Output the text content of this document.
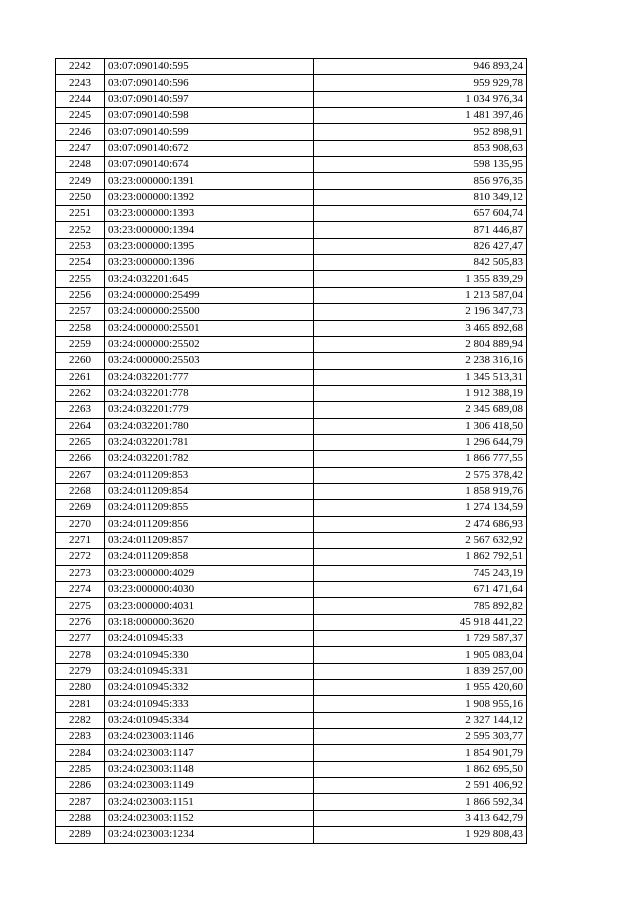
2242	03:07:090140:595	946 893,24
2243	03:07:090140:596	959 929,78
2244	03:07:090140:597	1 034 976,34
2245	03:07:090140:598	1 481 397,46
2246	03:07:090140:599	952 898,91
2247	03:07:090140:672	853 908,63
2248	03:07:090140:674	598 135,95
2249	03:23:000000:1391	856 976,35
2250	03:23:000000:1392	810 349,12
2251	03:23:000000:1393	657 604,74
2252	03:23:000000:1394	871 446,87
2253	03:23:000000:1395	826 427,47
2254	03:23:000000:1396	842 505,83
2255	03:24:032201:645	1 355 839,29
2256	03:24:000000:25499	1 213 587,04
2257	03:24:000000:25500	2 196 347,73
2258	03:24:000000:25501	3 465 892,68
2259	03:24:000000:25502	2 804 889,94
2260	03:24:000000:25503	2 238 316,16
2261	03:24:032201:777	1 345 513,31
2262	03:24:032201:778	1 912 388,19
2263	03:24:032201:779	2 345 689,08
2264	03:24:032201:780	1 306 418,50
2265	03:24:032201:781	1 296 644,79
2266	03:24:032201:782	1 866 777,55
2267	03:24:011209:853	2 575 378,42
2268	03:24:011209:854	1 858 919,76
2269	03:24:011209:855	1 274 134,59
2270	03:24:011209:856	2 474 686,93
2271	03:24:011209:857	2 567 632,92
2272	03:24:011209:858	1 862 792,51
2273	03:23:000000:4029	745 243,19
2274	03:23:000000:4030	671 471,64
2275	03:23:000000:4031	785 892,82
2276	03:18:000000:3620	45 918 441,22
2277	03:24:010945:33	1 729 587,37
2278	03:24:010945:330	1 905 083,04
2279	03:24:010945:331	1 839 257,00
2280	03:24:010945:332	1 955 420,60
2281	03:24:010945:333	1 908 955,16
2282	03:24:010945:334	2 327 144,12
2283	03:24:023003:1146	2 595 303,77
2284	03:24:023003:1147	1 854 901,79
2285	03:24:023003:1148	1 862 695,50
2286	03:24:023003:1149	2 591 406,92
2287	03:24:023003:1151	1 866 592,34
2288	03:24:023003:1152	3 413 642,79
2289	03:24:023003:1234	1 929 808,43
